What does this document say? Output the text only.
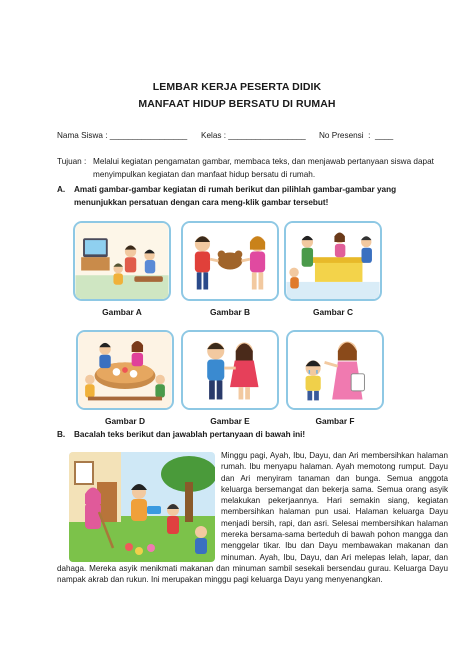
LEMBAR KERJA PESERTA DIDIK
MANFAAT HIDUP BERSATU DI RUMAH
Nama Siswa : _________________	Kelas : _________________	No Presensi  :  ____
Tujuan : Melalui kegiatan pengamatan gambar, membaca teks, dan menjawab pertanyaan siswa dapat menyimpulkan kegiatan dan manfaat hidup bersatu di rumah.
A.	Amati gambar-gambar kegiatan di rumah berikut dan pilihlah gambar-gambar yang menunjukkan persatuan dengan cara meng-klik gambar tersebut!
Gambar A	Gambar B	Gambar C
Gambar D	Gambar E	Gambar F
B.	Bacalah teks berikut dan jawablah pertanyaan di bawah ini!
Minggu pagi, Ayah, Ibu, Dayu, dan Ari membersihkan halaman rumah. Ibu menyapu halaman. Ayah memotong rumput. Dayu dan Ari menyiram tanaman dan bunga. Semua anggota keluarga bersemangat dan bekerja sama. Semua orang asyik melakukan pekerjaannya. Hari semakin siang, kegiatan membersihkan halaman pun usai. Halaman keluarga Dayu menjadi bersih, rapi, dan asri. Selesai membersihkan halaman mereka bersama-sama berteduh di bawah pohon mangga dan menggelar tikar. Ibu dan Dayu membawakan makanan dan minuman. Ayah, Ibu, Dayu, dan Ari melepas lelah, lapar, dan dahaga. Mereka asyik menikmati makanan dan minuman sambil sesekali bersendau gurau. Keluarga Dayu nampak akrab dan rukun. Ini merupakan minggu pagi keluarga Dayu yang menyenangkan.
